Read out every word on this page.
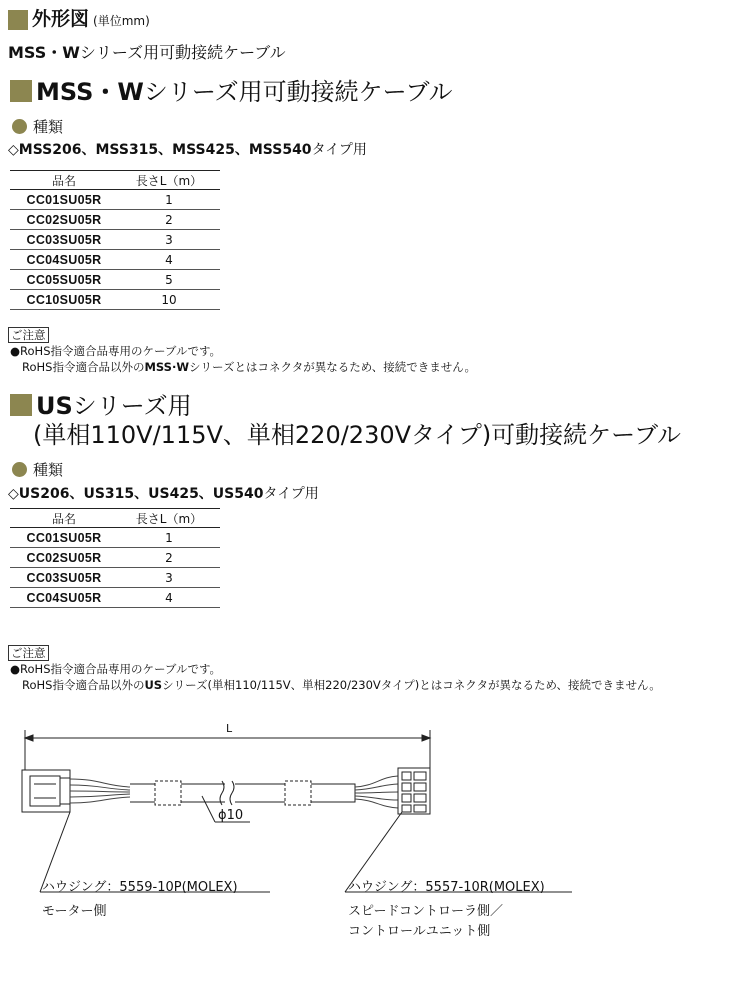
外形図 (単位mm)
MSS・Wシリーズ用可動接続ケーブル
MSS・Wシリーズ用可動接続ケーブル
種類
◇MSS206、MSS315、MSS425、MSS540タイプ用
品名	長さL（m）
CC01SU05R	1
CC02SU05R	2
CC03SU05R	3
CC04SU05R	4
CC05SU05R	5
CC10SU05R	10
ご注意
●RoHS指令適合品専用のケーブルです。
RoHS指令適合品以外のMSS·Wシリーズとはコネクタが異なるため、接続できません。
USシリーズ用
(単相110V/115V、単相220/230Vタイプ)可動接続ケーブル
種類
◇US206、US315、US425、US540タイプ用
品名	長さL（m）
CC01SU05R	1
CC02SU05R	2
CC03SU05R	3
CC04SU05R	4
ご注意
●RoHS指令適合品専用のケーブルです。
RoHS指令適合品以外のUSシリーズ(単相110/115V、単相220/230Vタイプ)とはコネクタが異なるため、接続できません。
L
ϕ10
ハウジング：5559-10P(MOLEX)
モーター側
ハウジング：5557-10R(MOLEX)
スピードコントローラ側／
コントロールユニット側
